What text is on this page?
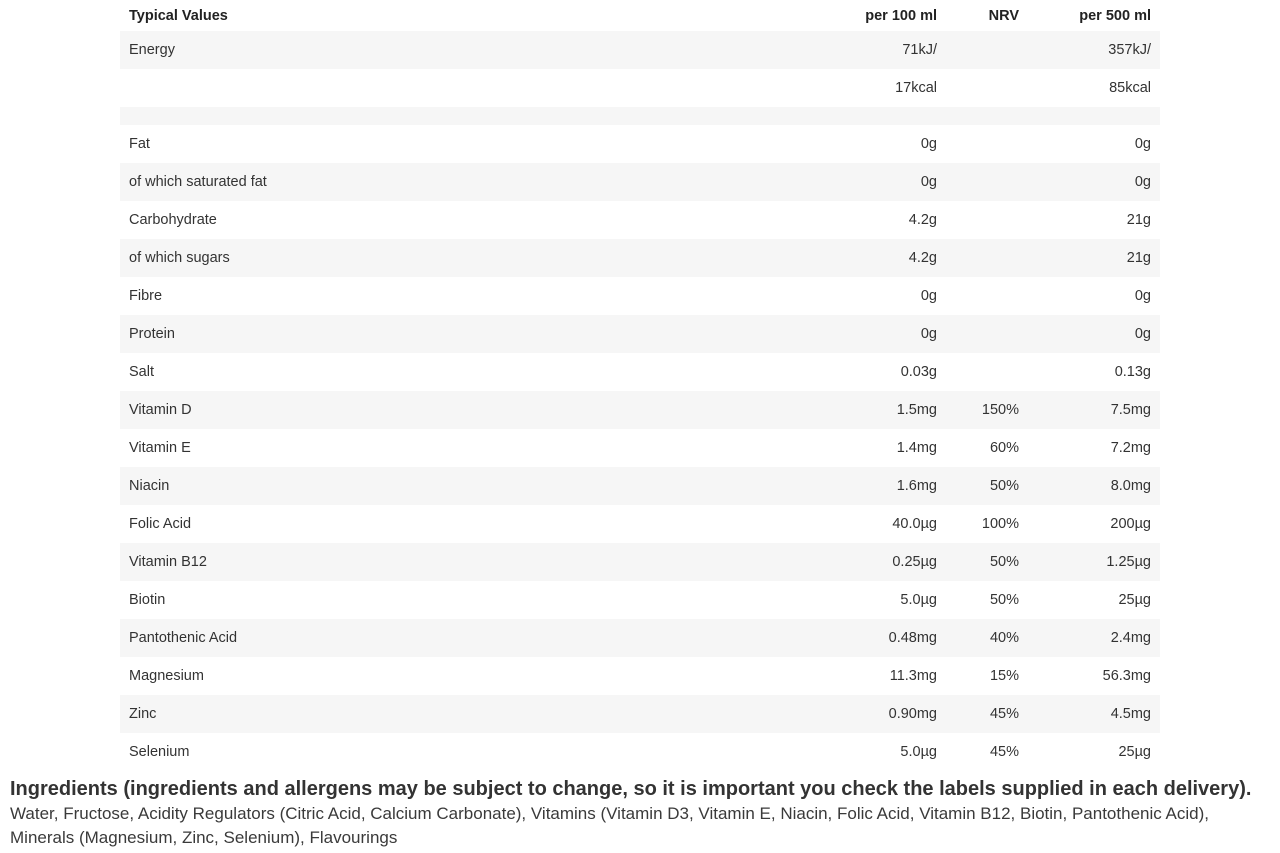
Typical Values	per 100 ml	NRV	per 500 ml
Energy	71kJ/		357kJ/
	17kcal		85kcal

Fat	0g		0g
of which saturated fat	0g		0g
Carbohydrate	4.2g		21g
of which sugars	4.2g		21g
Fibre	0g		0g
Protein	0g		0g
Salt	0.03g		0.13g
Vitamin D	1.5mg	150%	7.5mg
Vitamin E	1.4mg	60%	7.2mg
Niacin	1.6mg	50%	8.0mg
Folic Acid	40.0µg	100%	200µg
Vitamin B12	0.25µg	50%	1.25µg
Biotin	5.0µg	50%	25µg
Pantothenic Acid	0.48mg	40%	2.4mg
Magnesium	11.3mg	15%	56.3mg
Zinc	0.90mg	45%	4.5mg
Selenium	5.0µg	45%	25µg

Ingredients (ingredients and allergens may be subject to change, so it is important you check the labels supplied in each delivery).

Water, Fructose, Acidity Regulators (Citric Acid, Calcium Carbonate), Vitamins (Vitamin D3, Vitamin E, Niacin, Folic Acid, Vitamin B12, Biotin, Pantothenic Acid), Minerals (Magnesium, Zinc, Selenium), Flavourings
